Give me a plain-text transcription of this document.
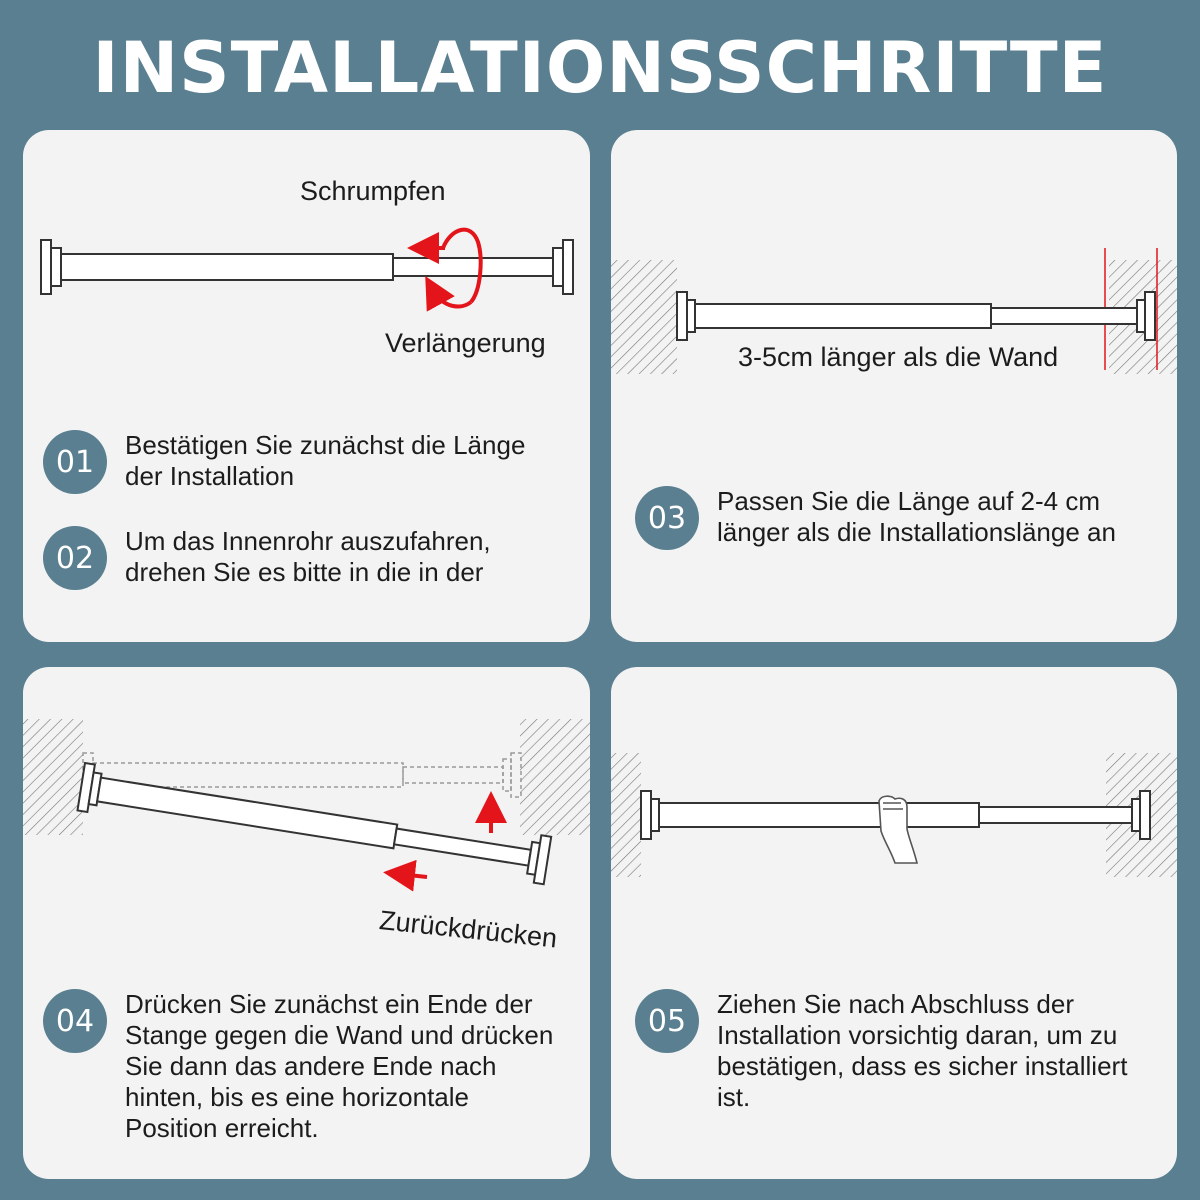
INSTALLATIONSSCHRITTE
Schrumpfen
Verlängerung
01	Bestätigen Sie zunächst die Länge der Installation
02	Um das Innenrohr auszufahren, drehen Sie es bitte in die in der
3-5cm länger als die Wand
03	Passen Sie die Länge auf 2-4 cm länger als die Installationslänge an
Zurückdrücken
04	Drücken Sie zunächst ein Ende der Stange gegen die Wand und drücken Sie dann das andere Ende nach hinten, bis es eine horizontale Position erreicht.
05	Ziehen Sie nach Abschluss der Installation vorsichtig daran, um zu bestätigen, dass es sicher installiert ist.
